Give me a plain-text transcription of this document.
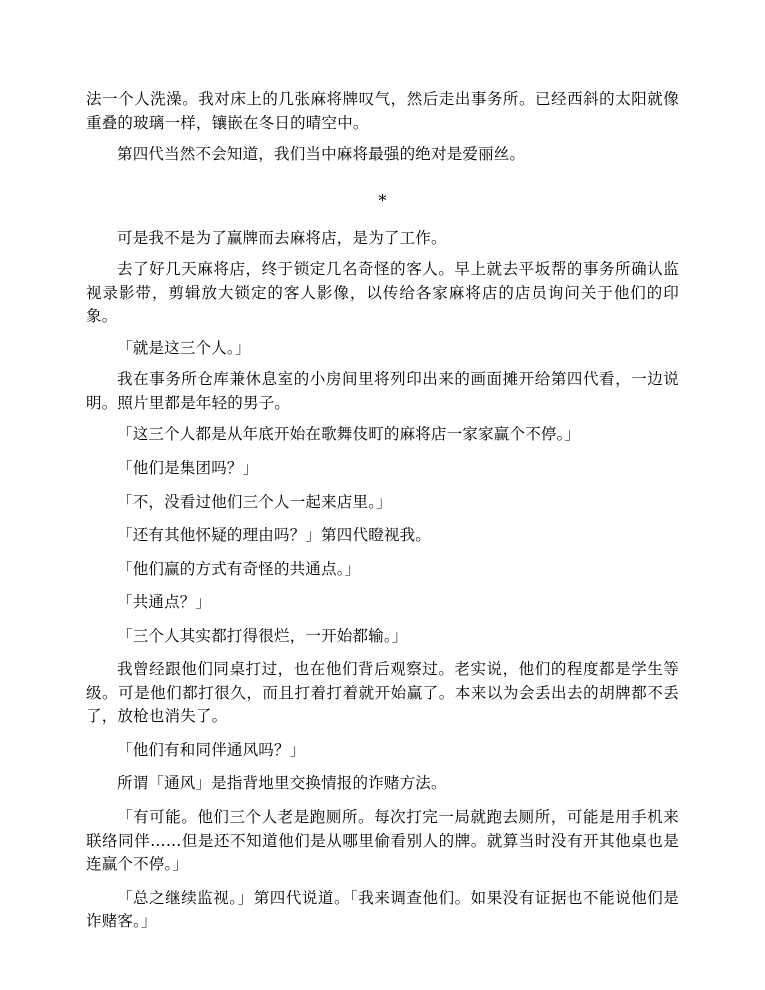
法一个人洗澡。我对床上的几张麻将牌叹气，然后走出事务所。已经西斜的太阳就像重叠的玻璃一样，镶嵌在冬日的晴空中。

第四代当然不会知道，我们当中麻将最强的绝对是爱丽丝。

*

可是我不是为了赢牌而去麻将店，是为了工作。

去了好几天麻将店，终于锁定几名奇怪的客人。早上就去平坂帮的事务所确认监视录影带，剪辑放大锁定的客人影像，以传给各家麻将店的店员询问关于他们的印象。

「就是这三个人。」

我在事务所仓库兼休息室的小房间里将列印出来的画面摊开给第四代看，一边说明。照片里都是年轻的男子。

「这三个人都是从年底开始在歌舞伎町的麻将店一家家赢个不停。」

「他们是集团吗？」

「不，没看过他们三个人一起来店里。」

「还有其他怀疑的理由吗？」第四代瞪视我。

「他们赢的方式有奇怪的共通点。」

「共通点？」

「三个人其实都打得很烂，一开始都输。」

我曾经跟他们同桌打过，也在他们背后观察过。老实说，他们的程度都是学生等级。可是他们都打很久，而且打着打着就开始赢了。本来以为会丢出去的胡牌都不丢了，放枪也消失了。

「他们有和同伴通风吗？」

所谓「通风」是指背地里交换情报的诈赌方法。

「有可能。他们三个人老是跑厕所。每次打完一局就跑去厕所，可能是用手机来联络同伴……但是还不知道他们是从哪里偷看别人的牌。就算当时没有开其他桌也是连赢个不停。」

「总之继续监视。」第四代说道。「我来调查他们。如果没有证据也不能说他们是诈赌客。」
